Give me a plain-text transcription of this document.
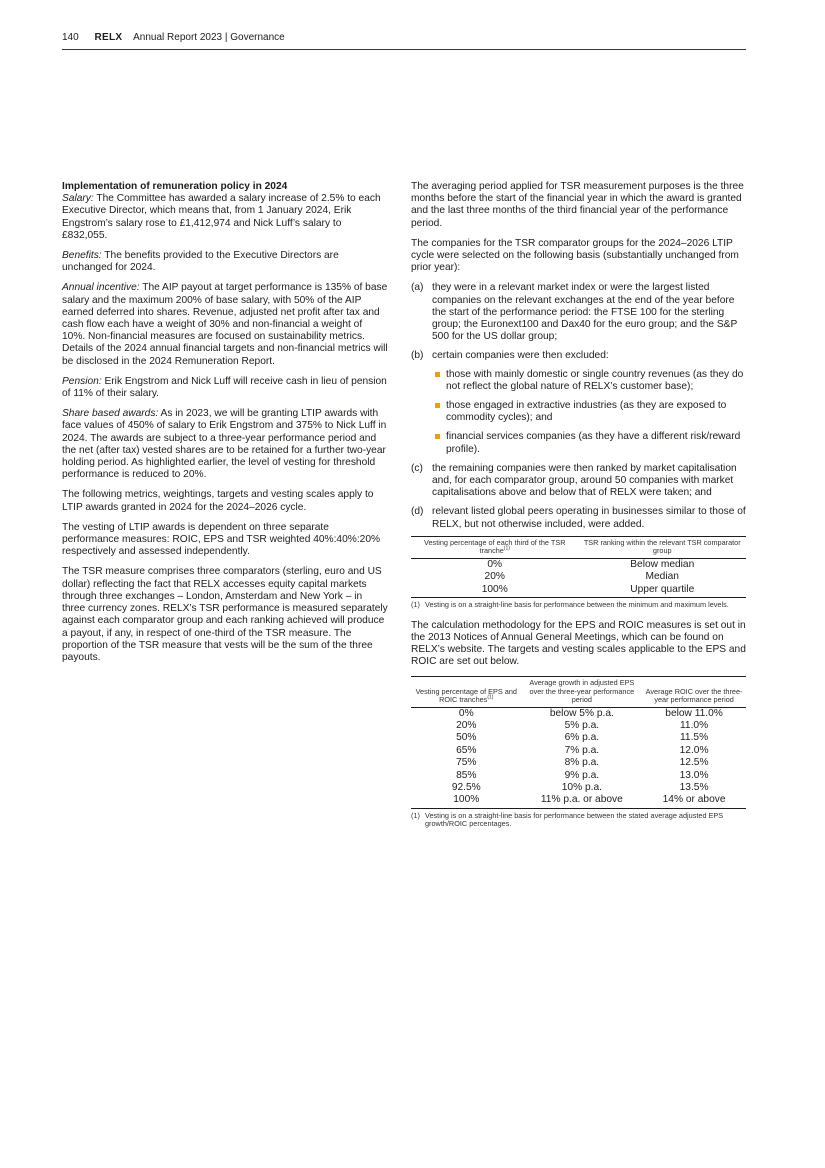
140 RELX Annual Report 2023 | Governance

Implementation of remuneration policy in 2024
Salary: The Committee has awarded a salary increase of 2.5% to each Executive Director, which means that, from 1 January 2024, Erik Engstrom’s salary rose to £1,412,974 and Nick Luff’s salary to £832,055.

Benefits: The benefits provided to the Executive Directors are unchanged for 2024.

Annual incentive: The AIP payout at target performance is 135% of base salary and the maximum 200% of base salary, with 50% of the AIP earned deferred into shares. Revenue, adjusted net profit after tax and cash flow each have a weight of 30% and non-financial a weight of 10%. Non-financial measures are focused on sustainability metrics. Details of the 2024 annual financial targets and non-financial metrics will be disclosed in the 2024 Remuneration Report.

Pension: Erik Engstrom and Nick Luff will receive cash in lieu of pension of 11% of their salary.

Share based awards: As in 2023, we will be granting LTIP awards with face values of 450% of salary to Erik Engstrom and 375% to Nick Luff in 2024. The awards are subject to a three-year performance period and the net (after tax) vested shares are to be retained for a further two-year holding period. As highlighted earlier, the level of vesting for threshold performance is reduced to 20%.

The following metrics, weightings, targets and vesting scales apply to LTIP awards granted in 2024 for the 2024–2026 cycle.

The vesting of LTIP awards is dependent on three separate performance measures: ROIC, EPS and TSR weighted 40%:40%:20% respectively and assessed independently.

The TSR measure comprises three comparators (sterling, euro and US dollar) reflecting the fact that RELX accesses equity capital markets through three exchanges – London, Amsterdam and New York – in three currency zones. RELX’s TSR performance is measured separately against each comparator group and each ranking achieved will produce a payout, if any, in respect of one-third of the TSR measure. The proportion of the TSR measure that vests will be the sum of the three payouts.

The averaging period applied for TSR measurement purposes is the three months before the start of the financial year in which the award is granted and the last three months of the third financial year of the performance period.

The companies for the TSR comparator groups for the 2024–2026 LTIP cycle were selected on the following basis (substantially unchanged from prior year):

(a) they were in a relevant market index or were the largest listed companies on the relevant exchanges at the end of the year before the start of the performance period: the FTSE 100 for the sterling group; the Euronext100 and Dax40 for the euro group; and the S&P 500 for the US dollar group;
(b) certain companies were then excluded:
those with mainly domestic or single country revenues (as they do not reflect the global nature of RELX’s customer base);
those engaged in extractive industries (as they are exposed to commodity cycles); and
financial services companies (as they have a different risk/reward profile).
(c) the remaining companies were then ranked by market capitalisation and, for each comparator group, around 50 companies with market capitalisations above and below that of RELX were taken; and
(d) relevant listed global peers operating in businesses similar to those of RELX, but not otherwise included, were added.
Vesting percentage of each third of the TSR tranche$^{(1)}$	TSR ranking within the relevant TSR comparator group
0%	Below median
20%	Median
100%	Upper quartile
(1) Vesting is on a straight-line basis for performance between the minimum and maximum levels.

The calculation methodology for the EPS and ROIC measures is set out in the 2013 Notices of Annual General Meetings, which can be found on RELX’s website. The targets and vesting scales applicable to the EPS and ROIC are set out below.

Vesting percentage of EPS and ROIC tranches$^{(1)}$	Average growth in adjusted EPS over the three-year performance period	Average ROIC over the three-year performance period
0%	below 5% p.a.	below 11.0%
20%	5% p.a.	11.0%
50%	6% p.a.	11.5%
65%	7% p.a.	12.0%
75%	8% p.a.	12.5%
85%	9% p.a.	13.0%
92.5%	10% p.a.	13.5%
100%	11% p.a. or above	14% or above
(1) Vesting is on a straight-line basis for performance between the stated average adjusted EPS growth/ROIC percentages.
